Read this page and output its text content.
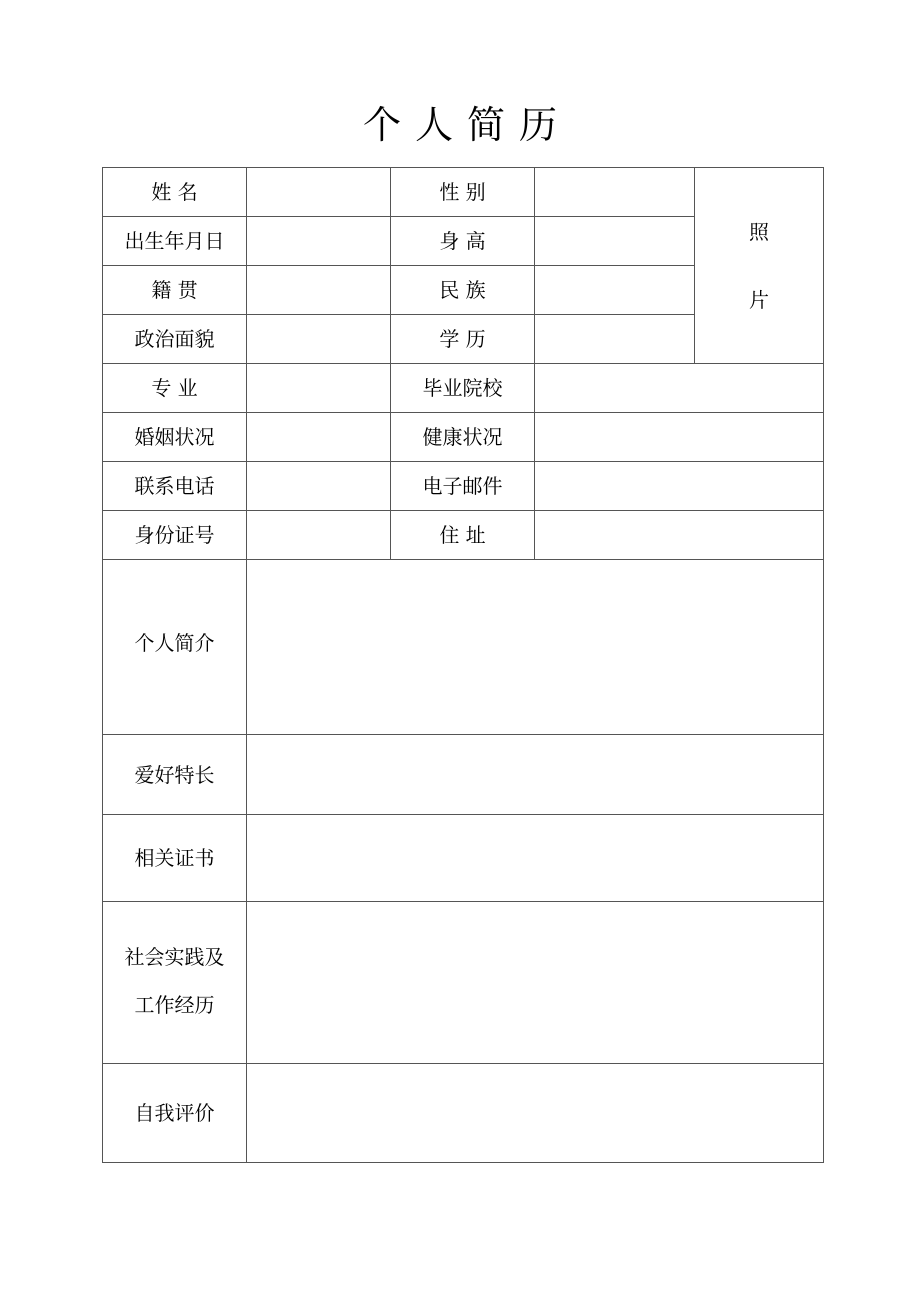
个人简历
姓 名		性 别		照
片

出生年月日		身 高		
籍 贯		民 族		
政治面貌		学 历		
专 业		毕业院校		
婚姻状况		健康状况		
联系电话		电子邮件		
身份证号		住 址		
个人简介				
爱好特长				
相关证书				

社会实践及
工作经历				

自我评价				
